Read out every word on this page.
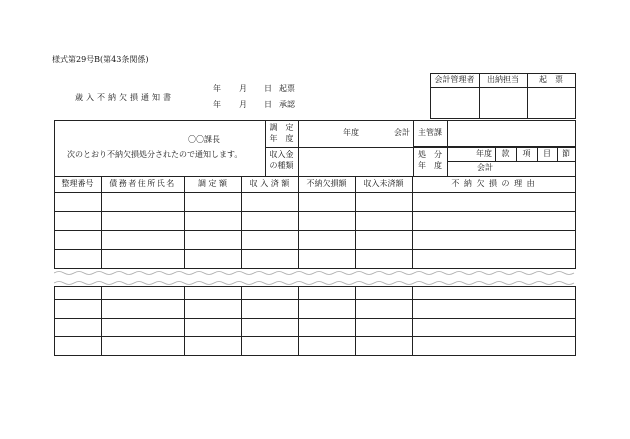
様式第29号B(第43条関係)
歳入不納欠損通知書
年 月 日 起票
年 月 日 承認
会計管理者	出納担当	起　票
〇〇課長
次のとおり不納欠損処分されたので通知します。
調　定
年　度
年度	会計	主管課
収入金
の種類
処　分
年　度
年度	款	項	目	節
会計
整理番号	債務者住所氏名	調 定 額	収 入 済 額	不納欠損額	収入未済額	不 納 欠 損 の 理 由
